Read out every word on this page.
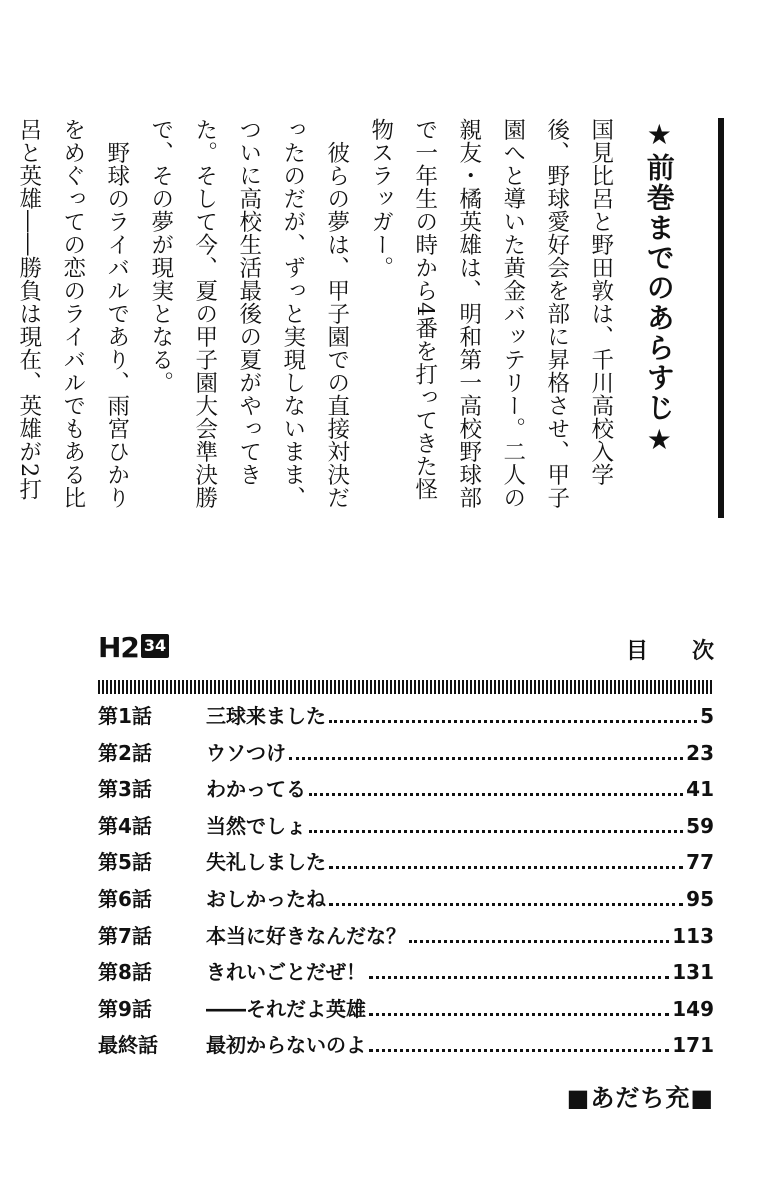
★前巻までのあらすじ★

国見比呂と野田敦は、千川高校入学後、野球愛好会を部に昇格させ、甲子園へと導いた黄金バッテリー。二人の親友・橘英雄は、明和第一高校野球部で一年生の時から4番を打ってきた怪物スラッガー。

彼らの夢は、甲子園での直接対決だったのだが、ずっと実現しないまま、ついに高校生活最後の夏がやってきた。そして今、夏の甲子園大会準決勝で、その夢が現実となる。

野球のライバルであり、雨宮ひかりをめぐっての恋のライバルでもある比呂と英雄――勝負は現在、英雄が2打

H2 34	目次
第1話	三球来ました	5
第2話	ウソつけ	23
第3話	わかってる	41
第4話	当然でしょ	59
第5話	失礼しました	77
第6話	おしかったね	95
第7話	本当に好きなんだな？	113
第8話	きれいごとだぜ！	131
第9話	――それだよ英雄	149
最終話	最初からないのよ	171
■あだち充■
